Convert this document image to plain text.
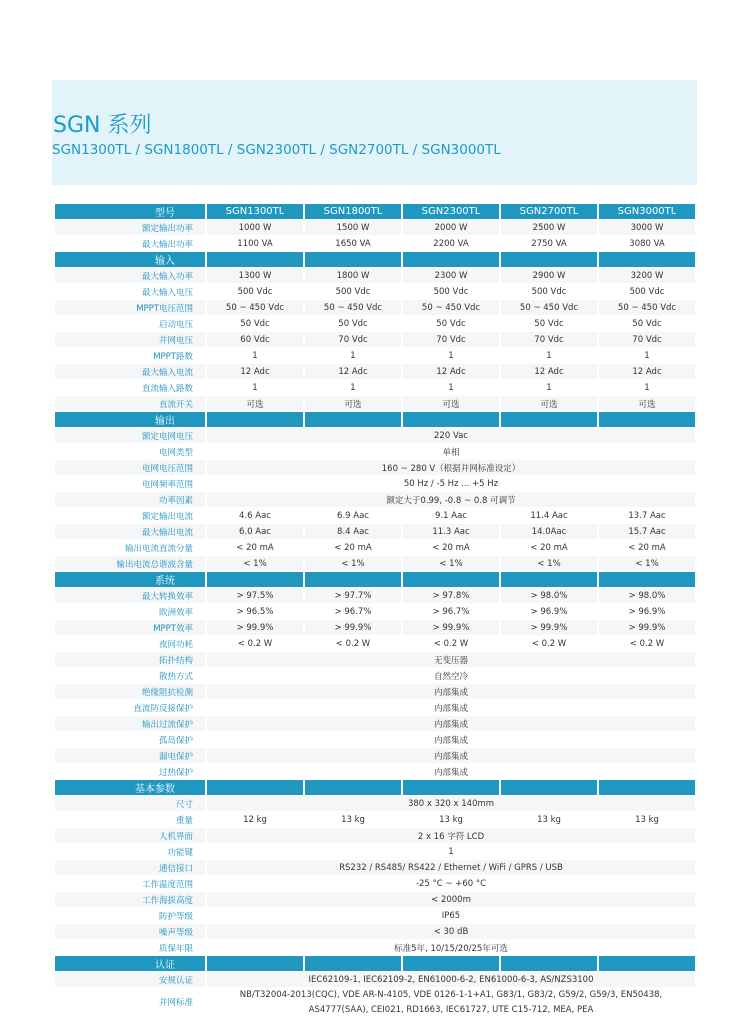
SGN 系列
SGN1300TL / SGN1800TL / SGN2300TL / SGN2700TL / SGN3000TL
型号	SGN1300TL	SGN1800TL	SGN2300TL	SGN2700TL	SGN3000TL
额定输出功率	1000 W	1500 W	2000 W	2500 W	3000 W
最大输出功率	1100 VA	1650 VA	2200 VA	2750 VA	3080 VA
输入					
最大输入功率	1300 W	1800 W	2300 W	2900 W	3200 W
最大输入电压	500 Vdc	500 Vdc	500 Vdc	500 Vdc	500 Vdc
MPPT电压范围	50 ~ 450 Vdc	50 ~ 450 Vdc	50 ~ 450 Vdc	50 ~ 450 Vdc	50 ~ 450 Vdc
启动电压	50 Vdc	50 Vdc	50 Vdc	50 Vdc	50 Vdc
并网电压	60 Vdc	70 Vdc	70 Vdc	70 Vdc	70 Vdc
MPPT路数	1	1	1	1	1
最大输入电流	12 Adc	12 Adc	12 Adc	12 Adc	12 Adc
直流输入路数	1	1	1	1	1
直流开关	可选	可选	可选	可选	可选
输出					
额定电网电压	220 Vac				
电网类型	单相				
电网电压范围	160 ~ 280 V（根据并网标准设定）				
电网频率范围	50 Hz / -5 Hz ... +5 Hz				
功率因素	额定大于0.99, -0.8 ~ 0.8 可调节				
额定输出电流	4.6 Aac	6.9 Aac	9.1 Aac	11.4 Aac	13.7 Aac
最大输出电流	6.0 Aac	8.4 Aac	11.3 Aac	14.0Aac	15.7 Aac
输出电流直流分量	< 20 mA	< 20 mA	< 20 mA	< 20 mA	< 20 mA
输出电流总谐波含量	< 1%	< 1%	< 1%	< 1%	< 1%
系统					
最大转换效率	> 97.5%	> 97.7%	> 97.8%	> 98.0%	> 98.0%
欧洲效率	> 96.5%	> 96.7%	> 96.7%	> 96.9%	> 96.9%
MPPT效率	> 99.9%	> 99.9%	> 99.9%	> 99.9%	> 99.9%
夜间功耗	< 0.2 W	< 0.2 W	< 0.2 W	< 0.2 W	< 0.2 W
拓扑结构	无变压器				
散热方式	自然空冷				
绝缘阻抗检测	内部集成				
直流防反接保护	内部集成				
输出过流保护	内部集成				
孤岛保护	内部集成				
漏电保护	内部集成				
过热保护	内部集成				
基本参数					
尺寸	380 x 320 x 140mm				
重量	12 kg	13 kg	13 kg	13 kg	13 kg
人机界面	2 x 16 字符 LCD				
功能键	1				
通信接口	RS232 / RS485/ RS422 / Ethernet / WiFi / GPRS / USB				
工作温度范围	-25 °C ~ +60 °C				
工作海拔高度	< 2000m				
防护等级	IP65				
噪声等级	< 30 dB				
质保年限	标准5年, 10/15/20/25年可选				
认证					
安规认证	IEC62109-1, IEC62109-2, EN61000-6-2, EN61000-6-3, AS/NZS3100				
并网标准	NB/T32004-2013(CQC), VDE AR-N-4105, VDE 0126-1-1+A1, G83/1, G83/2, G59/2, G59/3, EN50438,
AS4777(SAA), CEI021, RD1663, IEC61727, UTE C15-712, MEA, PEA				
